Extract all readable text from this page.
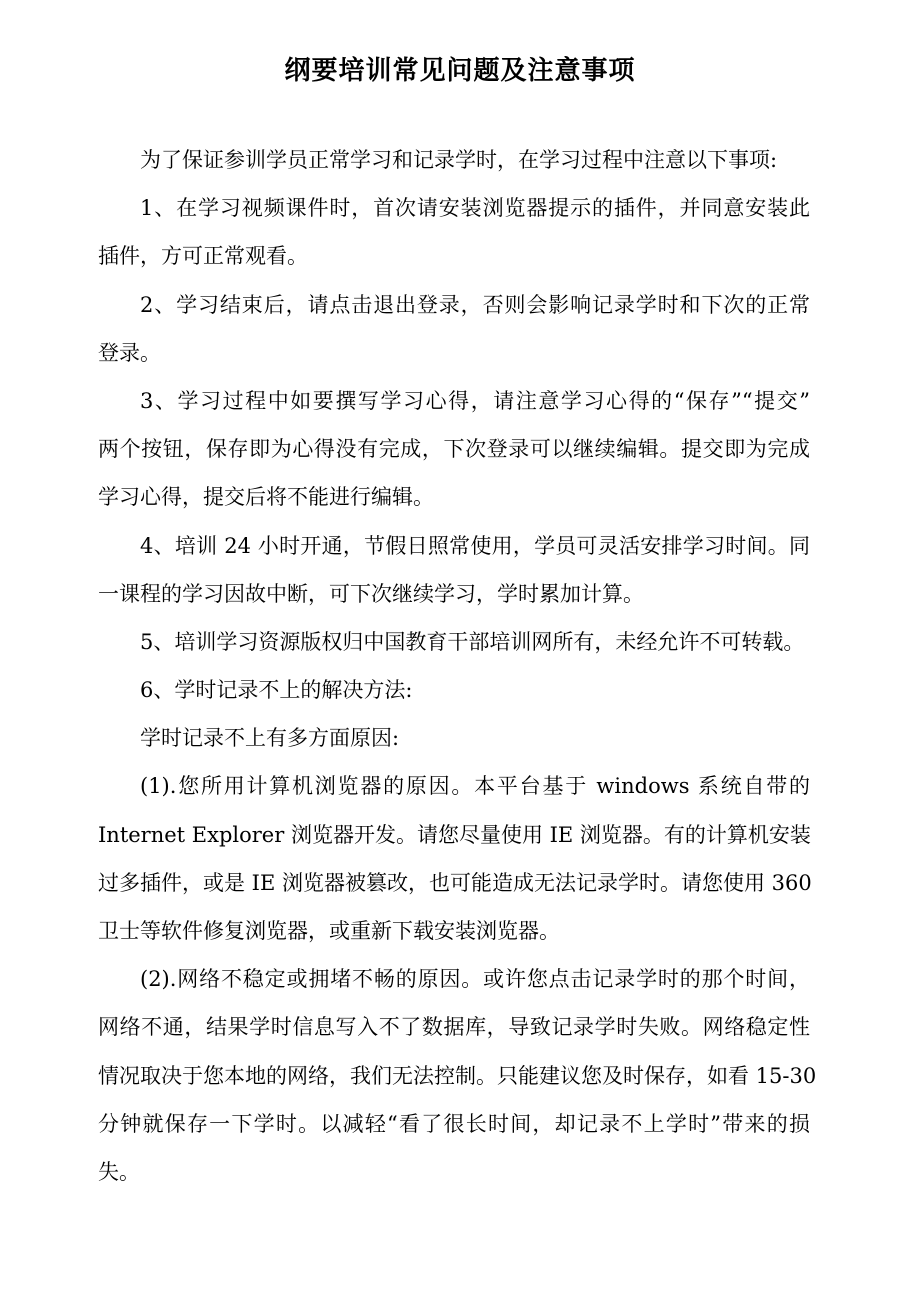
纲要培训常见问题及注意事项
为了保证参训学员正常学习和记录学时，在学习过程中注意以下事项:
1、在学习视频课件时，首次请安装浏览器提示的插件，并同意安装此
插件，方可正常观看。
2、学习结束后，请点击退出登录，否则会影响记录学时和下次的正常
登录。
3、学习过程中如要撰写学习心得，请注意学习心得的“保存”“提交”
两个按钮，保存即为心得没有完成，下次登录可以继续编辑。提交即为完成
学习心得，提交后将不能进行编辑。
4、培训 24 小时开通，节假日照常使用，学员可灵活安排学习时间。同
一课程的学习因故中断，可下次继续学习，学时累加计算。
5、培训学习资源版权归中国教育干部培训网所有，未经允许不可转载。
6、学时记录不上的解决方法:
学时记录不上有多方面原因:
(1).您所用计算机浏览器的原因。本平台基于 windows 系统自带的
Internet Explorer 浏览器开发。请您尽量使用 IE 浏览器。有的计算机安装
过多插件，或是 IE 浏览器被篡改，也可能造成无法记录学时。请您使用 360
卫士等软件修复浏览器，或重新下载安装浏览器。
(2).网络不稳定或拥堵不畅的原因。或许您点击记录学时的那个时间，
网络不通，结果学时信息写入不了数据库，导致记录学时失败。网络稳定性
情况取决于您本地的网络，我们无法控制。只能建议您及时保存，如看 15-30
分钟就保存一下学时。以减轻“看了很长时间，却记录不上学时”带来的损
失。
